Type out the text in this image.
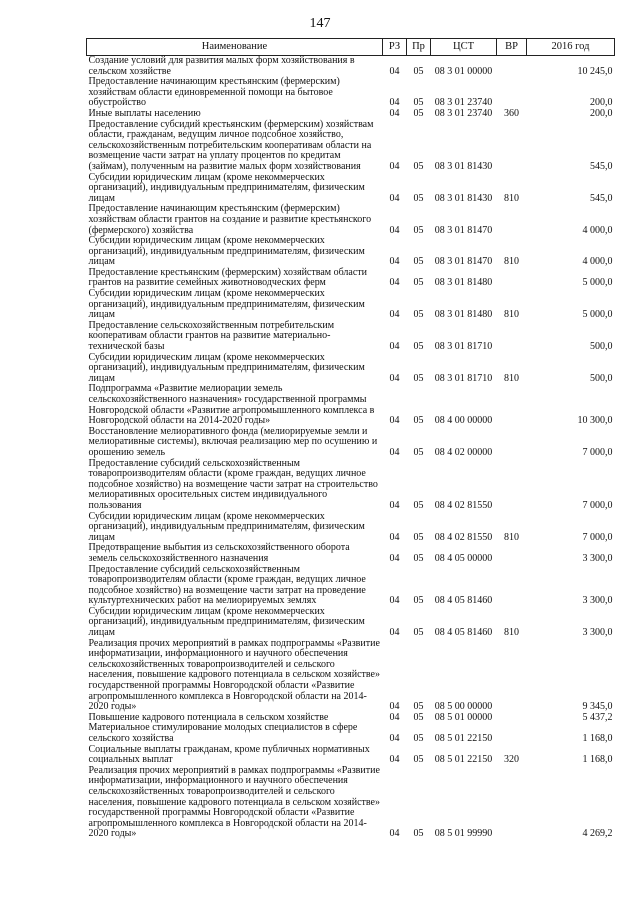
147
Наименование	РЗ	Пр	ЦСТ	ВР	2016 год
Создание условий для развития малых форм хозяйствования в сельском хозяйстве	04	05	08 3 01 00000		10 245,0
Предоставление начинающим крестьянским (фермерским) хозяйствам области единовременной помощи на бытовое обустройство	04	05	08 3 01 23740		200,0
Иные выплаты населению	04	05	08 3 01 23740	360	200,0
Предоставление субсидий крестьянским (фермерским) хозяйствам области, гражданам, ведущим личное подсобное хозяйство, сельскохозяйственным потребительским кооперативам области на возмещение части затрат на уплату процентов по кредитам (займам), полученным на развитие малых форм хозяйствования	04	05	08 3 01 81430		545,0
Субсидии юридическим лицам (кроме некоммерческих организаций), индивидуальным предпринимателям, физическим лицам	04	05	08 3 01 81430	810	545,0
Предоставление начинающим крестьянским (фермерским) хозяйствам области грантов на создание и развитие крестьянского (фермерского) хозяйства	04	05	08 3 01 81470		4 000,0
Субсидии юридическим лицам (кроме некоммерческих организаций), индивидуальным предпринимателям, физическим лицам	04	05	08 3 01 81470	810	4 000,0
Предоставление крестьянским (фермерским) хозяйствам области грантов на развитие семейных животноводческих ферм	04	05	08 3 01 81480		5 000,0
Субсидии юридическим лицам (кроме некоммерческих организаций), индивидуальным предпринимателям, физическим лицам	04	05	08 3 01 81480	810	5 000,0
Предоставление сельскохозяйственным потребительским кооперативам области грантов на развитие материально-технической базы	04	05	08 3 01 81710		500,0
Субсидии юридическим лицам (кроме некоммерческих организаций), индивидуальным предпринимателям, физическим лицам	04	05	08 3 01 81710	810	500,0
Подпрограмма «Развитие мелиорации земель сельскохозяйственного назначения» государственной программы Новгородской области «Развитие агропромышленного комплекса в Новгородской области на 2014-2020 годы»	04	05	08 4 00 00000		10 300,0
Восстановление мелиоративного фонда (мелиорируемые земли и мелиоративные системы), включая реализацию мер по осушению и орошению земель	04	05	08 4 02 00000		7 000,0
Предоставление субсидий сельскохозяйственным товаропроизводителям области (кроме граждан, ведущих личное подсобное хозяйство) на возмещение части затрат на строительство мелиоративных оросительных систем индивидуального пользования	04	05	08 4 02 81550		7 000,0
Субсидии юридическим лицам (кроме некоммерческих организаций), индивидуальным предпринимателям, физическим лицам	04	05	08 4 02 81550	810	7 000,0
Предотвращение выбытия из сельскохозяйственного оборота земель сельскохозяйственного назначения	04	05	08 4 05 00000		3 300,0
Предоставление субсидий сельскохозяйственным товаропроизводителям области (кроме граждан, ведущих личное подсобное хозяйство) на возмещение части затрат на проведение культуртехнических работ на мелиорируемых землях	04	05	08 4 05 81460		3 300,0
Субсидии юридическим лицам (кроме некоммерческих организаций), индивидуальным предпринимателям, физическим лицам	04	05	08 4 05 81460	810	3 300,0
Реализация прочих мероприятий в рамках подпрограммы «Развитие информатизации, информационного и научного обеспечения сельскохозяйственных товаропроизводителей и сельского населения, повышение кадрового потенциала в сельском хозяйстве» государственной программы Новгородской области «Развитие агропромышленного комплекса в Новгородской области на 2014-2020 годы»	04	05	08 5 00 00000		9 345,0
Повышение кадрового потенциала в сельском хозяйстве	04	05	08 5 01 00000		5 437,2
Материальное стимулирование молодых специалистов в сфере сельского хозяйства	04	05	08 5 01 22150		1 168,0
Социальные выплаты гражданам, кроме публичных нормативных социальных выплат	04	05	08 5 01 22150	320	1 168,0
Реализация прочих мероприятий в рамках подпрограммы «Развитие информатизации, информационного и научного обеспечения сельскохозяйственных товаропроизводителей и сельского населения, повышение кадрового потенциала в сельском хозяйстве» государственной программы Новгородской области «Развитие агропромышленного комплекса в Новгородской области на 2014-2020 годы»	04	05	08 5 01 99990		4 269,2
